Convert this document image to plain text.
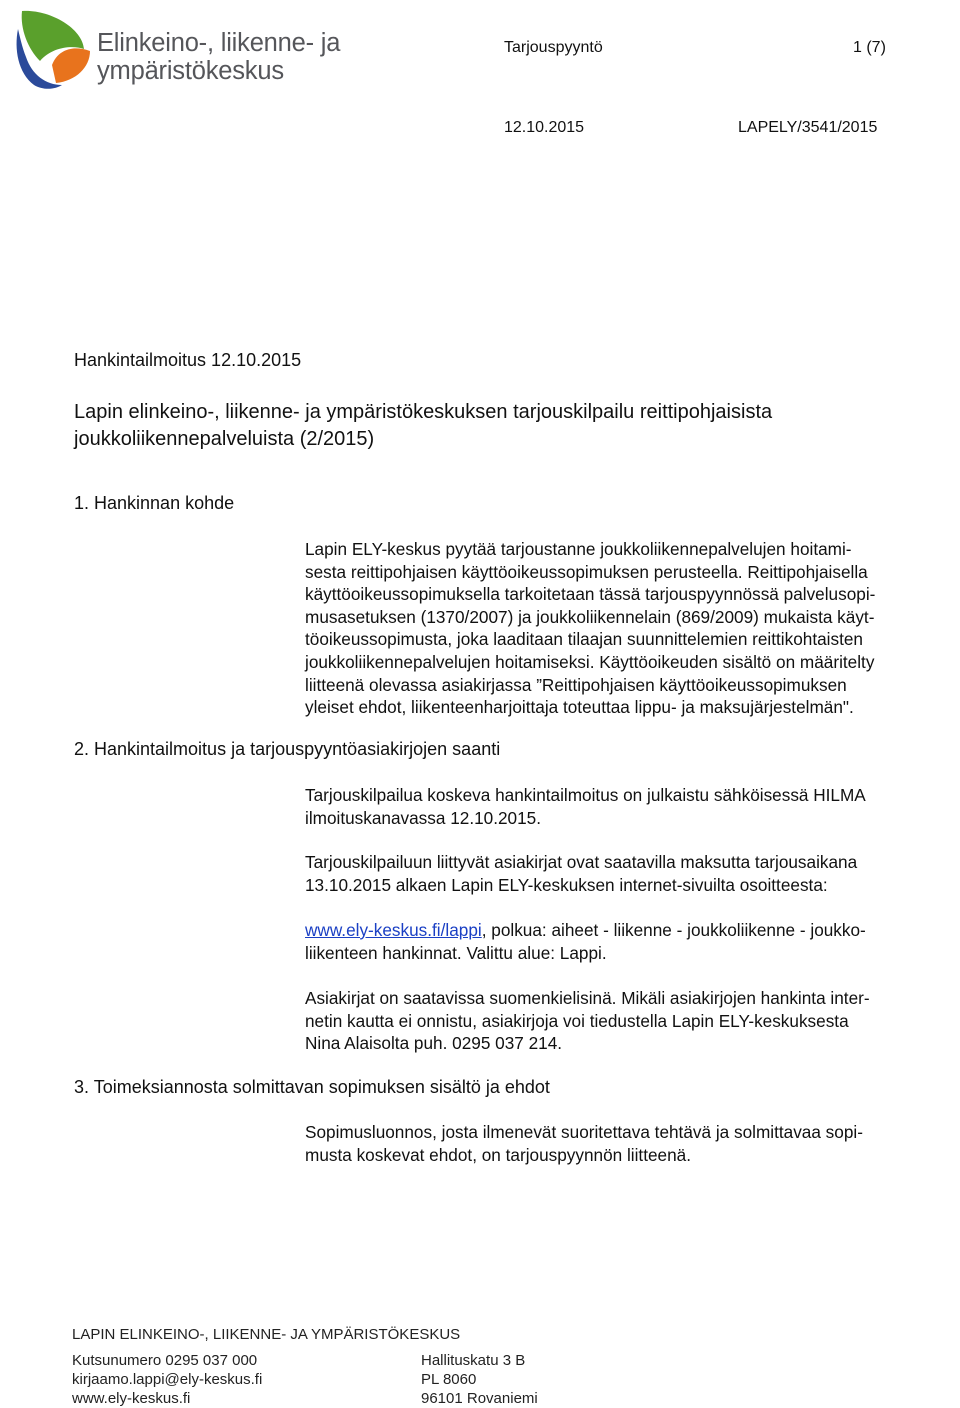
Elinkeino-, liikenne- ja
ympäristökeskus
Tarjouspyyntö	1 (7)
12.10.2015	LAPELY/3541/2015
Hankintailmoitus 12.10.2015
Lapin elinkeino-, liikenne- ja ympäristökeskuksen tarjouskilpailu reittipohjaisista
joukkoliikennepalveluista (2/2015)
1. Hankinnan kohde
Lapin ELY-keskus pyytää tarjoustanne joukkoliikennepalvelujen hoitami-
sesta reittipohjaisen käyttöoikeussopimuksen perusteella. Reittipohjaisella
käyttöoikeussopimuksella tarkoitetaan tässä tarjouspyynnössä palvelusopi-
musasetuksen (1370/2007) ja joukkoliikennelain (869/2009) mukaista käyt-
töoikeussopimusta, joka laaditaan tilaajan suunnittelemien reittikohtaisten
joukkoliikennepalvelujen hoitamiseksi. Käyttöoikeuden sisältö on määritelty
liitteenä olevassa asiakirjassa ”Reittipohjaisen käyttöoikeussopimuksen
yleiset ehdot, liikenteenharjoittaja toteuttaa lippu- ja maksujärjestelmän".
2. Hankintailmoitus ja tarjouspyyntöasiakirjojen saanti
Tarjouskilpailua koskeva hankintailmoitus on julkaistu sähköisessä HILMA
ilmoituskanavassa 12.10.2015.
Tarjouskilpailuun liittyvät asiakirjat ovat saatavilla maksutta tarjousaikana
13.10.2015 alkaen Lapin ELY-keskuksen internet-sivuilta osoitteesta:
www.ely-keskus.fi/lappi, polkua: aiheet - liikenne - joukkoliikenne - joukko-
liikenteen hankinnat. Valittu alue: Lappi.
Asiakirjat on saatavissa suomenkielisinä. Mikäli asiakirjojen hankinta inter-
netin kautta ei onnistu, asiakirjoja voi tiedustella Lapin ELY-keskuksesta
Nina Alaisolta puh. 0295 037 214.
3. Toimeksiannosta solmittavan sopimuksen sisältö ja ehdot
Sopimusluonnos, josta ilmenevät suoritettava tehtävä ja solmittavaa sopi-
musta koskevat ehdot, on tarjouspyynnön liitteenä.
LAPIN ELINKEINO-, LIIKENNE- JA YMPÄRISTÖKESKUS
Kutsunumero 0295 037 000
kirjaamo.lappi@ely-keskus.fi
www.ely-keskus.fi
Hallituskatu 3 B
PL 8060
96101 Rovaniemi
